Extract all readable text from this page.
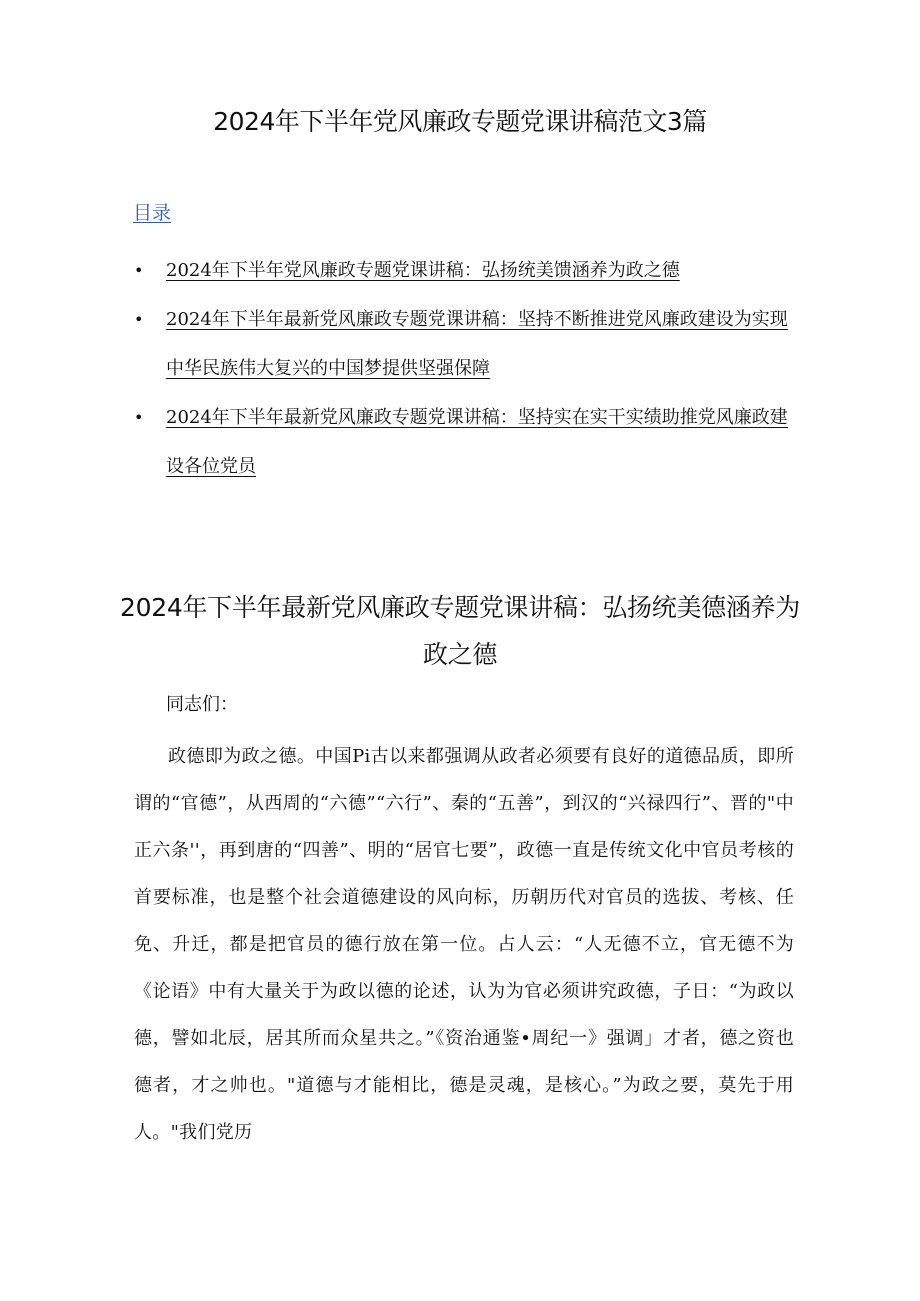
2024年下半年党风廉政专题党课讲稿范文3篇
目录
• 2024年下半年党风廉政专题党课讲稿：弘扬统美馈涵养为政之德
• 2024年下半年最新党风廉政专题党课讲稿：坚持不断推进党风廉政建设为实现中华民族伟大复兴的中国梦提供坚强保障
• 2024年下半年最新党风廉政专题党课讲稿：坚持实在实干实绩助推党风廉政建设各位党员
2024年下半年最新党风廉政专题党课讲稿：弘扬统美德涵养为政之德

同志们：

政德即为政之德。中国Pi古以来都强调从政者必须要有良好的道德品质，即所谓的“官德”，从西周的“六德”“六行”、秦的“五善”，到汉的“兴禄四行”、晋的"中正六条''，再到唐的“四善”、明的“居官七要”，政德一直是传统文化中官员考核的首要标准，也是整个社会道德建设的风向标，历朝历代对官员的选拔、考核、任免、升迁，都是把官员的德行放在第一位。占人云：“人无德不立，官无德不为《论语》中有大量关于为政以德的论述，认为为官必须讲究政德，子日：“为政以德，譬如北辰，居其所而众星共之。”《资治通鉴•周纪一》强调」才者，德之资也德者，才之帅也。"道德与才能相比，德是灵魂，是核心。”为政之要，莫先于用人。"我们党历
